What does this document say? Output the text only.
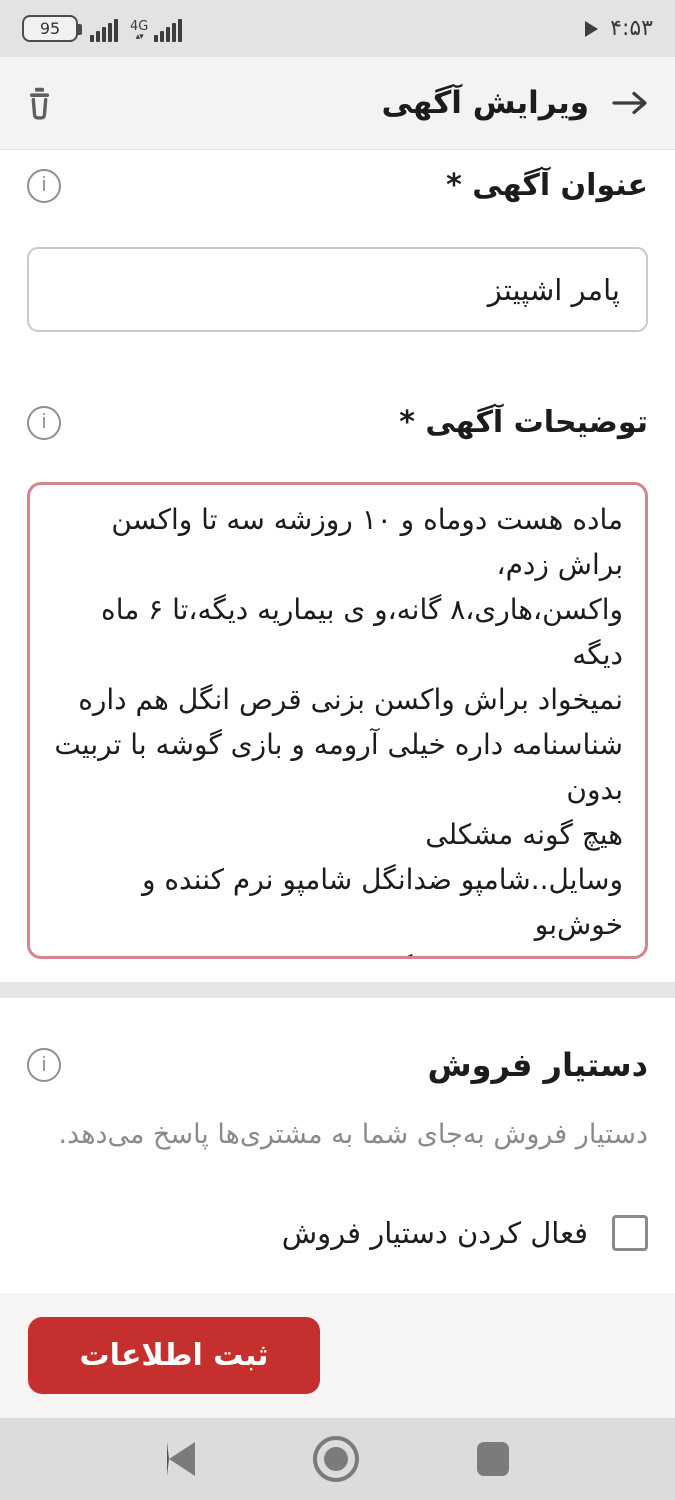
95	4G
▴▾	۴:۵۳
ویرایش آگهی
i	عنوان آگهی *
پامر اشپیتز
i	توضیحات آگهی *
ماده هست دوماه و ۱۰ روزشه سه تا واکسن براش زدم، واکسن،هاری،۸ گانه،و ی بیماریه دیگه،تا ۶ ماه دیگه نمیخواد براش واکسن بزنی قرص انگل هم داره شناسنامه داره خیلی آرومه و بازی گوشه با تربیت بدون هیچ گونه مشکلی وسایل..شامپو ضدانگل شامپو نرم کننده و خوش‌بو کننده اسپری ضدانگل اسپری دستشویی جایی دستشویی قلاده بیرونی ظرف غذا لیفت حوله شانه..خیلی دوستش دارم شرایط نگهداریشو ندارم دست بچه هم نمیدم به یکی میدم که خوب ازش
i	دستیار فروش
دستیار فروش به‌جای شما به مشتری‌ها پاسخ می‌دهد.
فعال کردن دستیار فروش
ثبت اطلاعات
